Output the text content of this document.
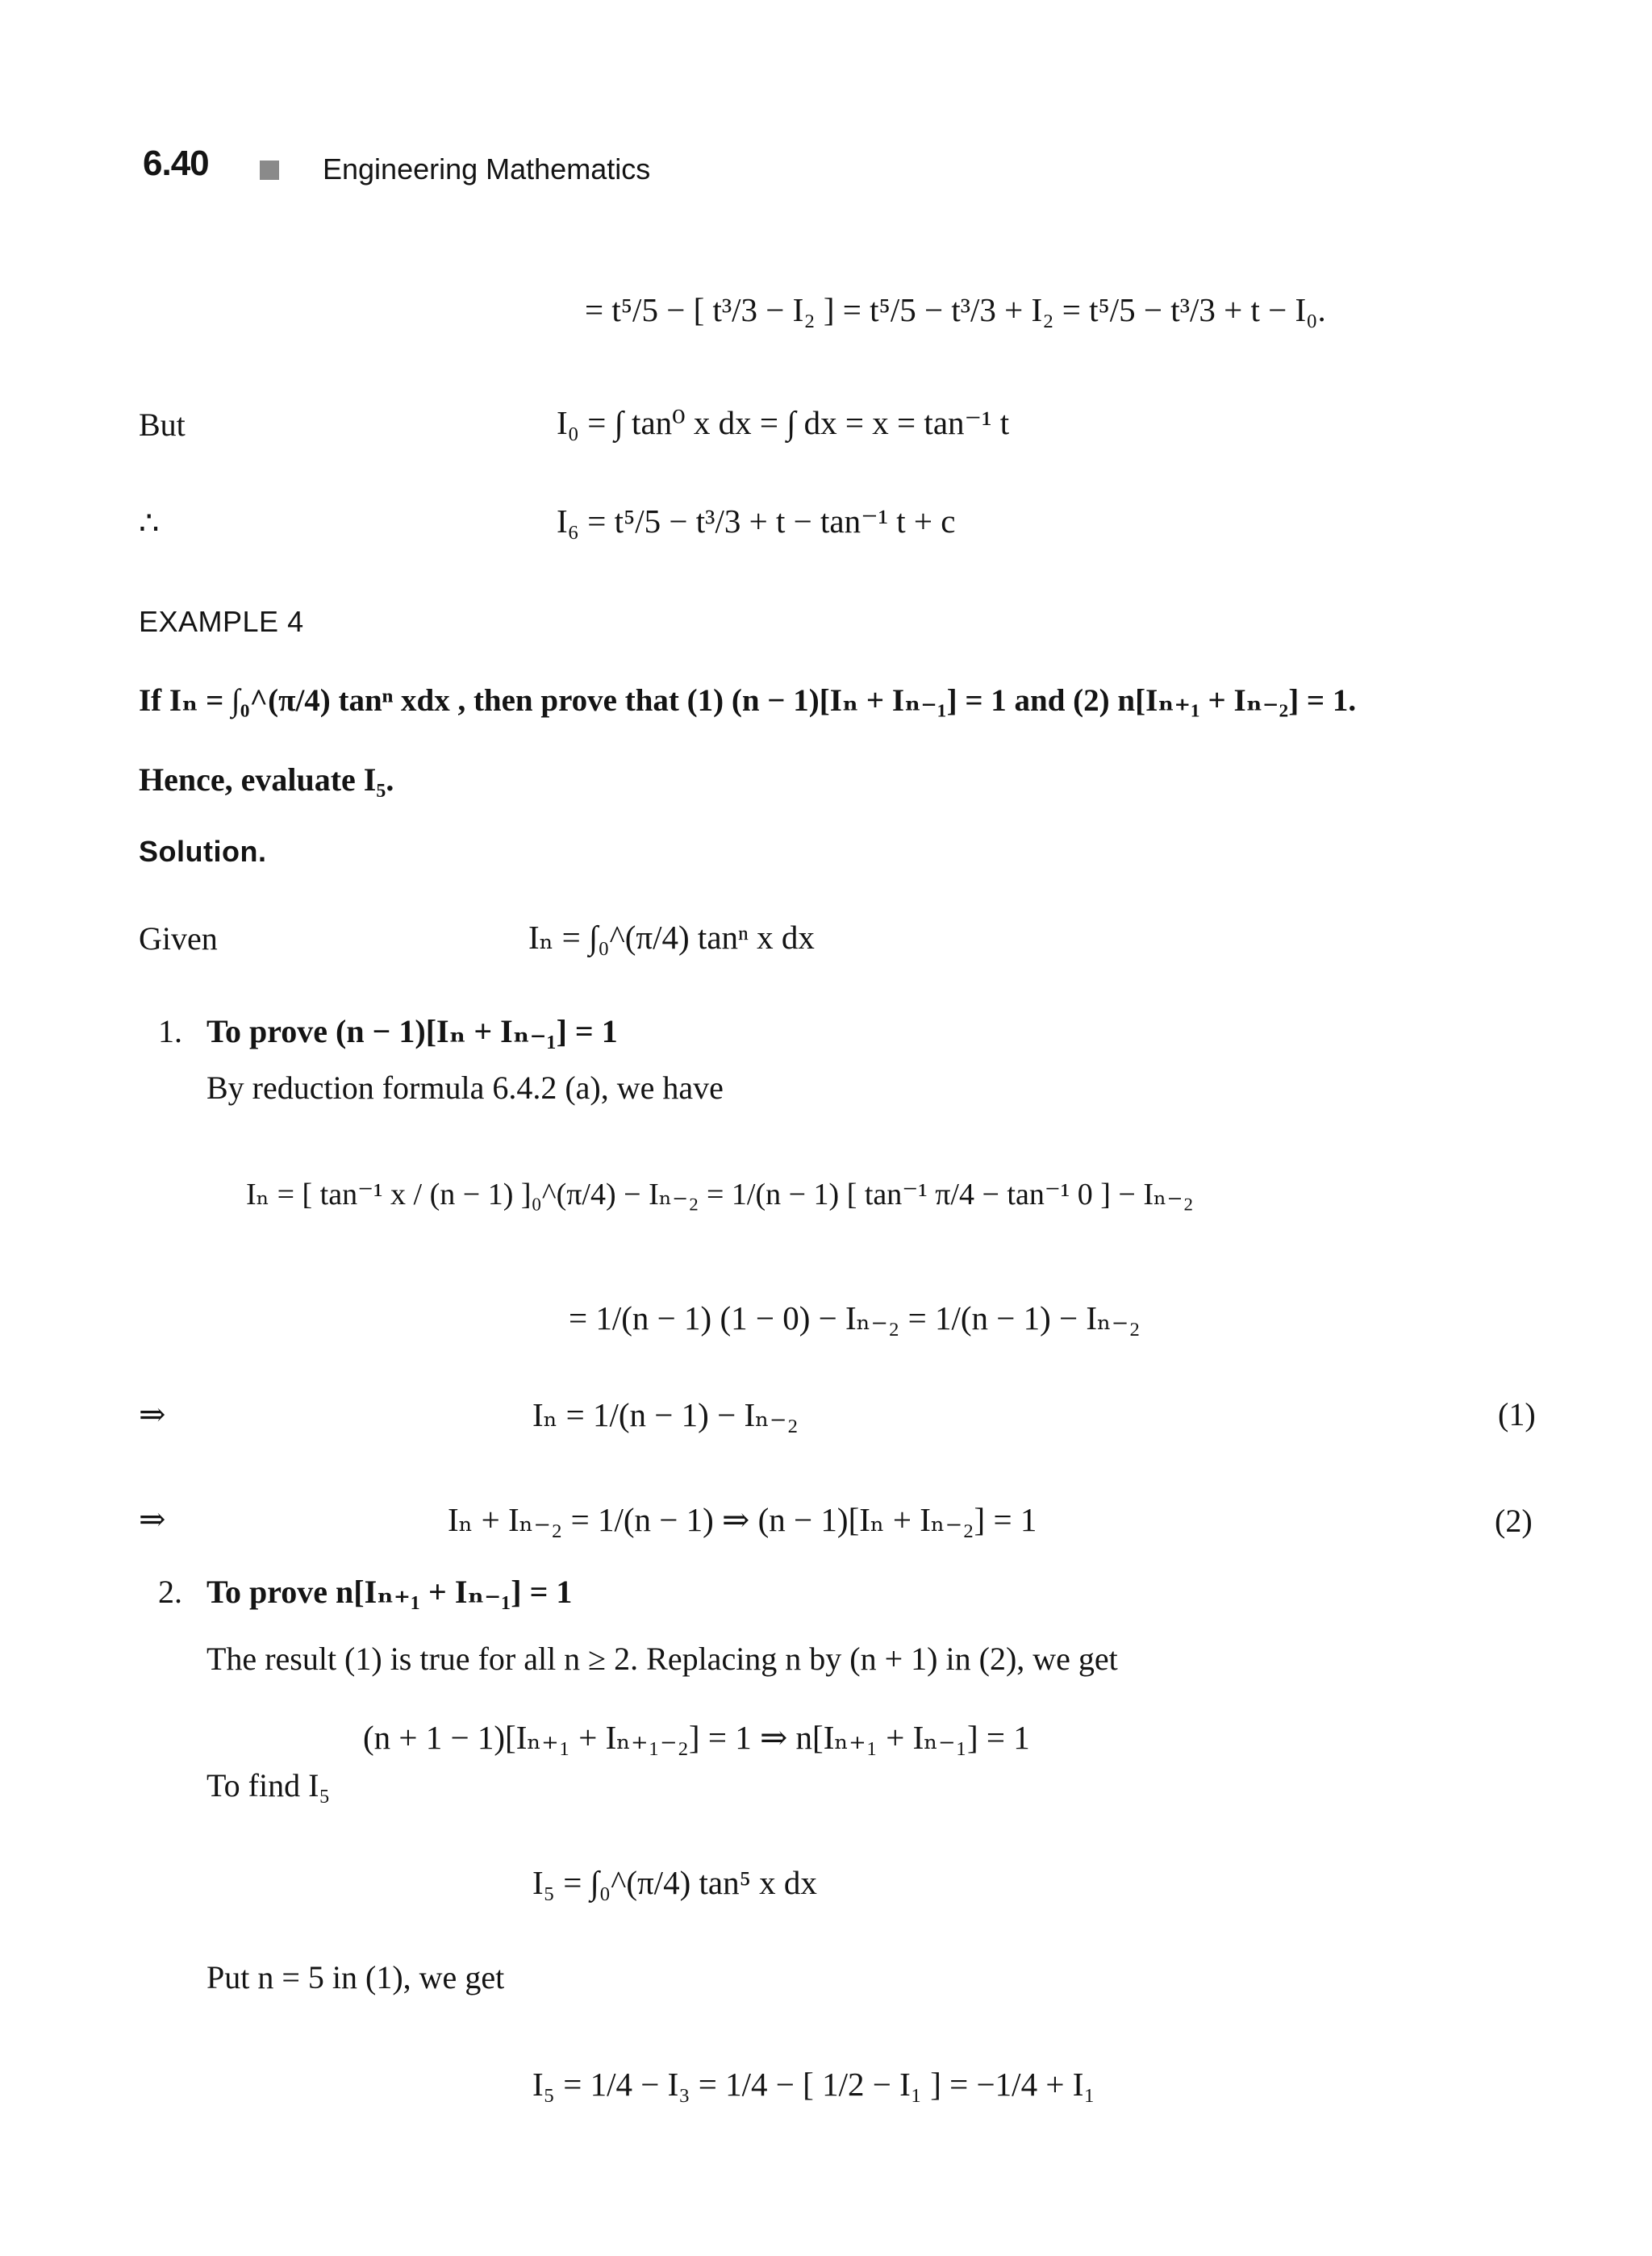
6.40	Engineering Mathematics
= t⁵/5 − [ t³/3 − I₂ ] = t⁵/5 − t³/3 + I₂ = t⁵/5 − t³/3 + t − I₀.
But	I₀ = ∫ tan⁰ x dx = ∫ dx = x = tan⁻¹ t
∴	I₆ = t⁵/5 − t³/3 + t − tan⁻¹ t + c
EXAMPLE 4
If Iₙ = ∫₀^(π/4) tanⁿ xdx , then prove that (1) (n − 1)[Iₙ + Iₙ₋₁] = 1 and (2) n[Iₙ₊₁ + Iₙ₋₂] = 1.
Hence, evaluate I₅.
Solution.
Given	Iₙ = ∫₀^(π/4) tanⁿ x dx
1. To prove (n − 1)[Iₙ + Iₙ₋₁] = 1
By reduction formula 6.4.2 (a), we have
Iₙ = [ tan⁻¹ x / (n − 1) ]₀^(π/4) − Iₙ₋₂ = 1/(n − 1) [ tan⁻¹ π/4 − tan⁻¹ 0 ] − Iₙ₋₂
= 1/(n − 1) (1 − 0) − Iₙ₋₂ = 1/(n − 1) − Iₙ₋₂
⇒	Iₙ = 1/(n − 1) − Iₙ₋₂	(1)
⇒	Iₙ + Iₙ₋₂ = 1/(n − 1) ⇒ (n − 1)[Iₙ + Iₙ₋₂] = 1	(2)
2. To prove n[Iₙ₊₁ + Iₙ₋₁] = 1
The result (1) is true for all n ≥ 2. Replacing n by (n + 1) in (2), we get
(n + 1 − 1)[Iₙ₊₁ + Iₙ₊₁₋₂] = 1 ⇒ n[Iₙ₊₁ + Iₙ₋₁] = 1
To find I₅
I₅ = ∫₀^(π/4) tan⁵ x dx
Put n = 5 in (1), we get
I₅ = 1/4 − I₃ = 1/4 − [ 1/2 − I₁ ] = −1/4 + I₁
